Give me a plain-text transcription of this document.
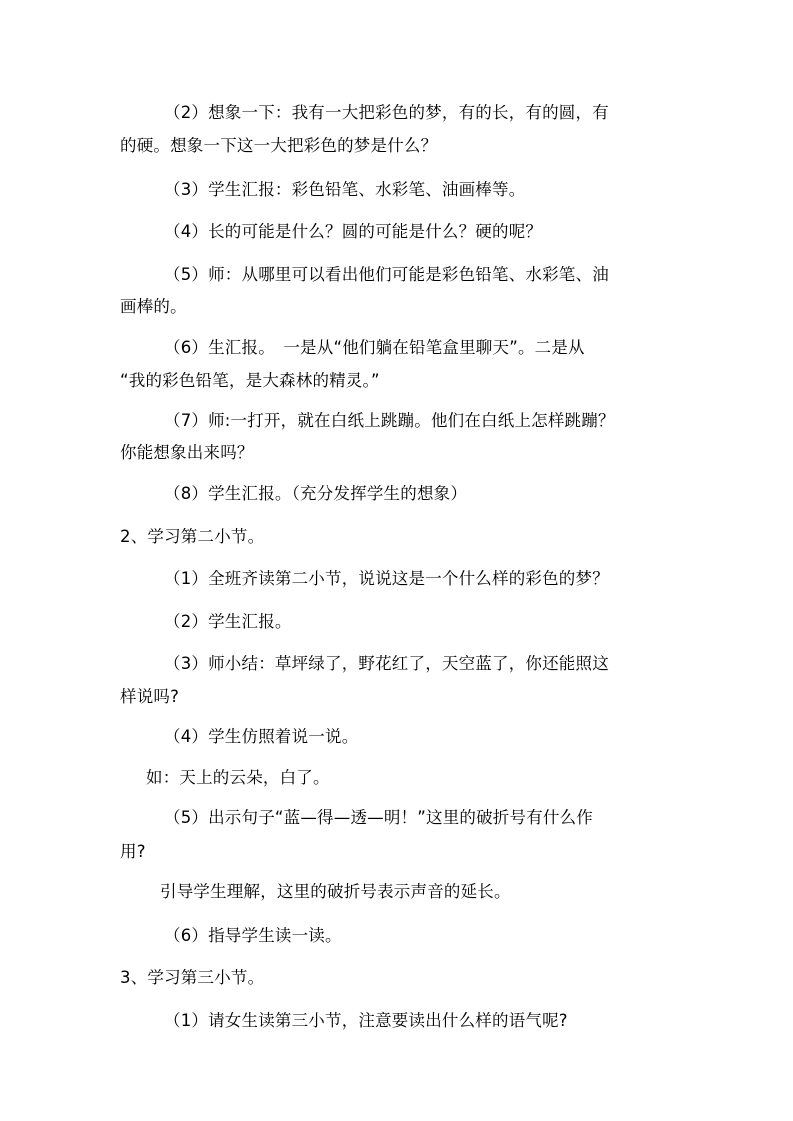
（2）想象一下：我有一大把彩色的梦，有的长，有的圆，有
的硬。想象一下这一大把彩色的梦是什么？
（3）学生汇报：彩色铅笔、水彩笔、油画棒等。
（4）长的可能是什么？圆的可能是什么？硬的呢？
（5）师：从哪里可以看出他们可能是彩色铅笔、水彩笔、油
画棒的。
（6）生汇报。　一是从“他们躺在铅笔盒里聊天”。二是从
“我的彩色铅笔，是大森林的精灵。”
（7）师:一打开，就在白纸上跳蹦。他们在白纸上怎样跳蹦？
你能想象出来吗？
（8）学生汇报。（充分发挥学生的想象）
2、学习第二小节。
（1）全班齐读第二小节，说说这是一个什么样的彩色的梦？
（2）学生汇报。
（3）师小结：草坪绿了，野花红了，天空蓝了，你还能照这
样说吗?
（4）学生仿照着说一说。
如：天上的云朵，白了。
（5）出示句子“蓝—得—透—明！”这里的破折号有什么作
用?
引导学生理解，这里的破折号表示声音的延长。
（6）指导学生读一读。
3、学习第三小节。
（1）请女生读第三小节，注意要读出什么样的语气呢?
